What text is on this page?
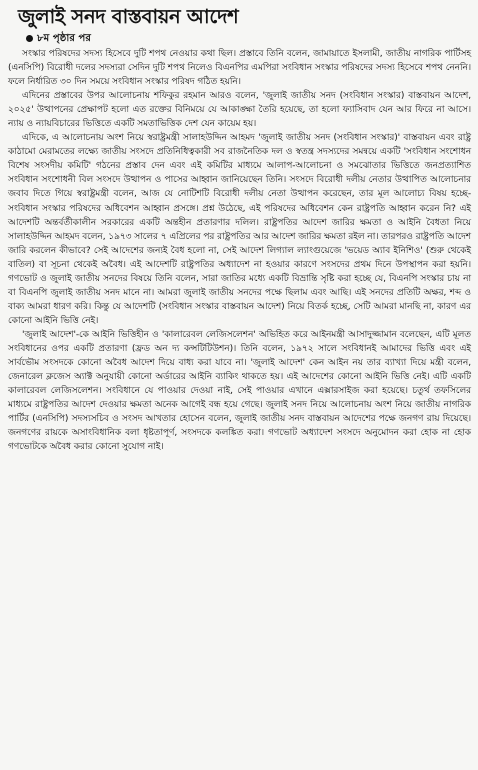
জুলাই সনদ বাস্তবায়ন আদেশ
৮ম পৃষ্ঠার পর

সংস্কার পরিষদের সদস্য হিসেবে দুটি শপথ নেওয়ার কথা ছিল। প্রস্তাবে তিনি বলেন, জামায়াতে ইসলামী, জাতীয় নাগরিক পার্টিসহ (এনসিপি) বিরোধী দলের সদস্যরা সেদিন দুটি শপথ নিলেও বিএনপির এমপিরা সংবিধান সংস্কার পরিষদের সদস্য হিসেবে শপথ নেননি। ফলে নির্ধারিত ৩০ দিন সময়ে সংবিধান সংস্কার পরিষদ গঠিত হয়নি।

এদিনের প্রস্তাবের উপর আলোচনায় শফিকুর রহমান আরও বলেন, 'জুলাই জাতীয় সনদ (সংবিধান সংস্কার) বাস্তবায়ন আদেশ, ২০২৫' উত্থাপনের প্রেক্ষাপট হলো এত রক্তের বিনিময়ে যে আকাঙ্ক্ষা তৈরি হয়েছে, তা হলো ফ্যাসিবাদ যেন আর ফিরে না আসে। ন্যায় ও ন্যায়বিচারের ভিত্তিতে একটি সমতাভিত্তিক দেশ যেন কায়েম হয়।

এদিকে, এ আলোচনায় অংশ নিয়ে স্বরাষ্ট্রমন্ত্রী সালাহউদ্দিন আহমদ 'জুলাই জাতীয় সনদ (সংবিধান সংস্কার)' বাস্তবায়ন এবং রাষ্ট্র কাঠামো মেরামতের লক্ষ্যে জাতীয় সংসদে প্রতিনিধিত্বকারী সব রাজনৈতিক দল ও স্বতন্ত্র সদস্যদের সমন্বয়ে একটি 'সংবিধান সংশোধন বিশেষ সংসদীয় কমিটি' গঠনের প্রস্তাব দেন এবং এই কমিটির মাধ্যমে আলাপ-আলোচনা ও সমঝোতার ভিত্তিতে জনপ্রত্যাশিত সংবিধান সংশোধনী বিল সংসদে উত্থাপন ও পাসের আহ্বান জানিয়েছেন তিনি। সংসদে বিরোধী দলীয় নেতার উত্থাপিত আলোচনার জবাব দিতে গিয়ে স্বরাষ্ট্রমন্ত্রী বলেন, আজ যে নোটিশটি বিরোধী দলীয় নেতা উত্থাপন করেছেন, তার মূল আলোচ্য বিষয় হচ্ছে- সংবিধান সংস্কার পরিষদের অধিবেশন আহ্বান প্রসঙ্গে। প্রশ্ন উঠেছে, এই পরিষদের অধিবেশন কেন রাষ্ট্রপতি আহ্বান করেন নি? এই আদেশটি অন্তর্বর্তীকালীন সরকারের একটি অন্তহীন প্রতারণার দলিল। রাষ্ট্রপতির আদেশ জারির ক্ষমতা ও আইনি বৈধতা নিয়ে সালাহউদ্দিন আহমদ বলেন, ১৯৭৩ সালের ৭ এপ্রিলের পর রাষ্ট্রপতির আর আদেশ জারির ক্ষমতা রইল না। তারপরও রাষ্ট্রপতি আদেশ জারি করলেন কীভাবে? সেই আদেশের জন্যই বৈধ হলো না, সেই আদেশ লিগ্যাল ল্যাংগুয়েজে 'ভয়েড অ্যাব ইনিশিও' (শুরু থেকেই বাতিল) বা সূচনা থেকেই অবৈধ। এই আদেশটি রাষ্ট্রপতির অধ্যাদেশ না হওয়ার কারণে সংসদের প্রথম দিনে উপস্থাপন করা হয়নি। গণভোট ও জুলাই জাতীয় সনদের বিষয়ে তিনি বলেন, সারা জাতির মধ্যে একটি বিভ্রান্তি সৃষ্টি করা হচ্ছে যে, বিএনপি সংস্কার চায় না বা বিএনপি জুলাই জাতীয় সনদ মানে না। আমরা জুলাই জাতীয় সনদের পক্ষে ছিলাম এবং আছি। এই সনদের প্রতিটি অক্ষর, শব্দ ও বাক্য আমরা ধারণ করি। কিন্তু যে আদেশটি (সংবিধান সংস্কার বাস্তবায়ন আদেশ) নিয়ে বিতর্ক হচ্ছে, সেটি আমরা মানছি না, কারণ এর কোনো আইনি ভিত্তি নেই।

'জুলাই আদেশ'-কে আইনি ভিত্তিহীন ও 'কালারেবল লেজিসলেশন' অভিহিত করে আইনমন্ত্রী আসাদুজ্জামান বলেছেন, এটি মূলত সংবিধানের ওপর একটি প্রতারণা (ফ্রড অন দ্য কন্সটিটিউশন)। তিনি বলেন, ১৯৭২ সালে সংবিধানই আমাদের ভিত্তি এবং এই সার্বভৌম সংসদকে কোনো অবৈধ আদেশ দিয়ে বাধ্য করা যাবে না। 'জুলাই আদেশ' কেন আইন নয় তার ব্যাখ্যা দিয়ে মন্ত্রী বলেন, জেনারেল ক্লজেস অ্যাক্ট অনুযায়ী কোনো অর্ডারের আইনি ব্যাকিং থাকতে হয়। এই আদেশের কোনো আইনি ভিত্তি নেই। এটি একটি কালারেবল লেজিসলেশন। সংবিধানে যে পাওয়ার দেওয়া নাই, সেই পাওয়ার এখানে এক্সারসাইজ করা হয়েছে। চতুর্থ তফসিলের মাধ্যমে রাষ্ট্রপতির আদেশ দেওয়ার ক্ষমতা অনেক আগেই বন্ধ হয়ে গেছে। জুলাই সনদ নিয়ে আলোচনায় অংশ নিয়ে জাতীয় নাগরিক পার্টির (এনসিপি) সদস্যসচিব ও সংসদ আখতার হোসেন বলেন, জুলাই জাতীয় সনদ বাস্তবায়ন আদেশের পক্ষে জনগণ রায় দিয়েছে। জনগণের রায়কে অসাংবিধানিক বলা ধৃষ্টতাপূর্ণ, সংসদকে কলঙ্কিত করা। গণভোট অধ্যাদেশ সংসদে অনুমোদন করা হোক না হোক গণভোটকে অবৈধ করার কোনো সুযোগ নাই।
